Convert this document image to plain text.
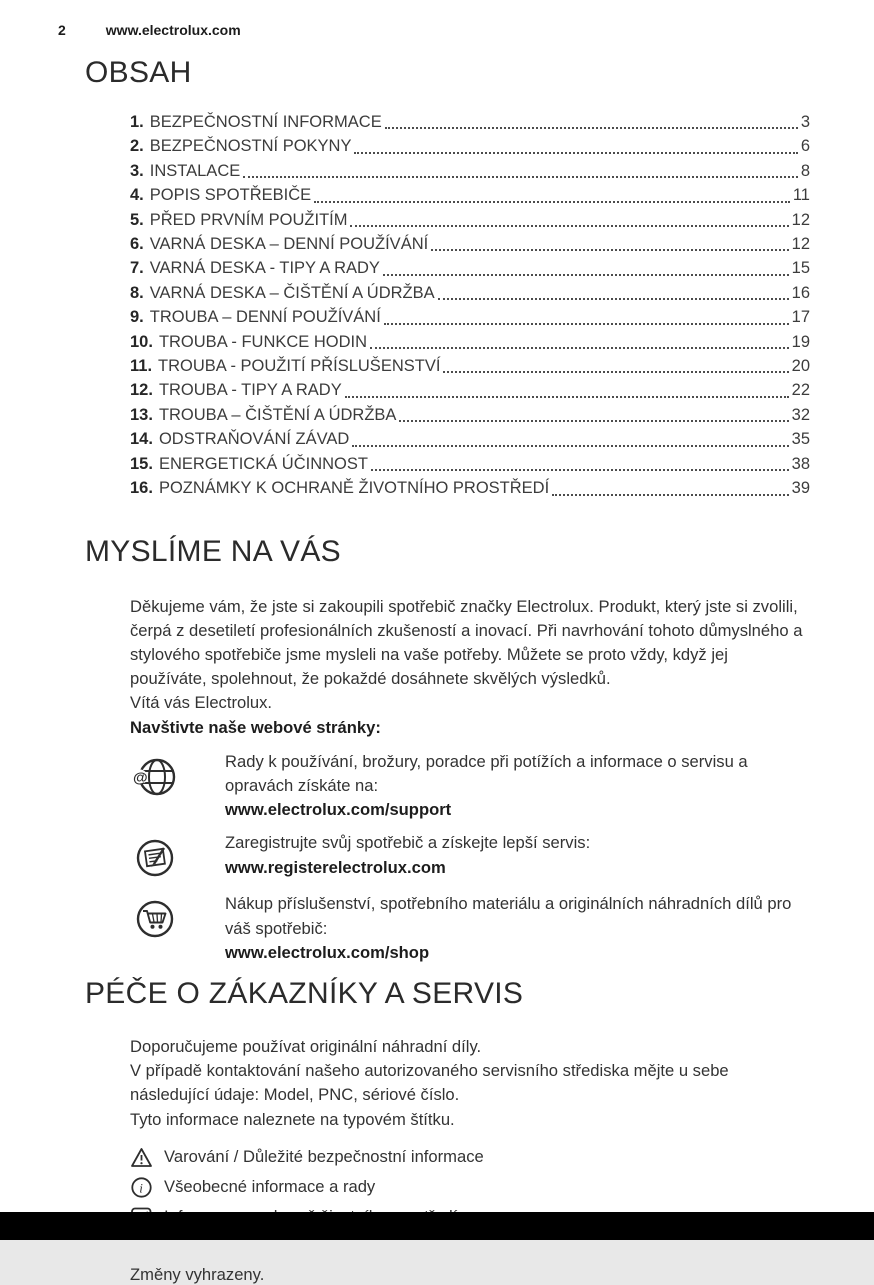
2	www.electrolux.com
OBSAH
1. BEZPEČNOSTNÍ INFORMACE	3
2. BEZPEČNOSTNÍ POKYNY	6
3. INSTALACE	8
4. POPIS SPOTŘEBIČE	11
5. PŘED PRVNÍM POUŽITÍM	12
6. VARNÁ DESKA – DENNÍ POUŽÍVÁNÍ	12
7. VARNÁ DESKA - TIPY A RADY	15
8. VARNÁ DESKA – ČIŠTĚNÍ A ÚDRŽBA	16
9. TROUBA – DENNÍ POUŽÍVÁNÍ	17
10. TROUBA - FUNKCE HODIN	19
11. TROUBA - POUŽITÍ PŘÍSLUŠENSTVÍ	20
12. TROUBA - TIPY A RADY	22
13. TROUBA – ČIŠTĚNÍ A ÚDRŽBA	32
14. ODSTRAŇOVÁNÍ ZÁVAD	35
15. ENERGETICKÁ ÚČINNOST	38
16. POZNÁMKY K OCHRANĚ ŽIVOTNÍHO PROSTŘEDÍ	39
MYSLÍME NA VÁS
Děkujeme vám, že jste si zakoupili spotřebič značky Electrolux. Produkt, který jste si zvolili, čerpá z desetiletí profesionálních zkušeností a inovací. Při navrhování tohoto důmyslného a stylového spotřebiče jsme mysleli na vaše potřeby. Můžete se proto vždy, když jej používáte, spolehnout, že pokaždé dosáhnete skvělých výsledků.
Vítá vás Electrolux.
Navštivte naše webové stránky:
@
Rady k používání, brožury, poradce při potížích a informace o servisu a opravách získáte na:
www.electrolux.com/support
Zaregistrujte svůj spotřebič a získejte lepší servis:
www.registerelectrolux.com
Nákup příslušenství, spotřebního materiálu a originálních náhradních dílů pro váš spotřebič:
www.electrolux.com/shop
PÉČE O ZÁKAZNÍKY A SERVIS
Doporučujeme používat originální náhradní díly.
V případě kontaktování našeho autorizovaného servisního střediska mějte u sebe následující údaje: Model, PNC, sériové číslo.
Tyto informace naleznete na typovém štítku.
Varování / Důležité bezpečnostní informace
i Všeobecné informace a rady
Změny vyhrazeny.
